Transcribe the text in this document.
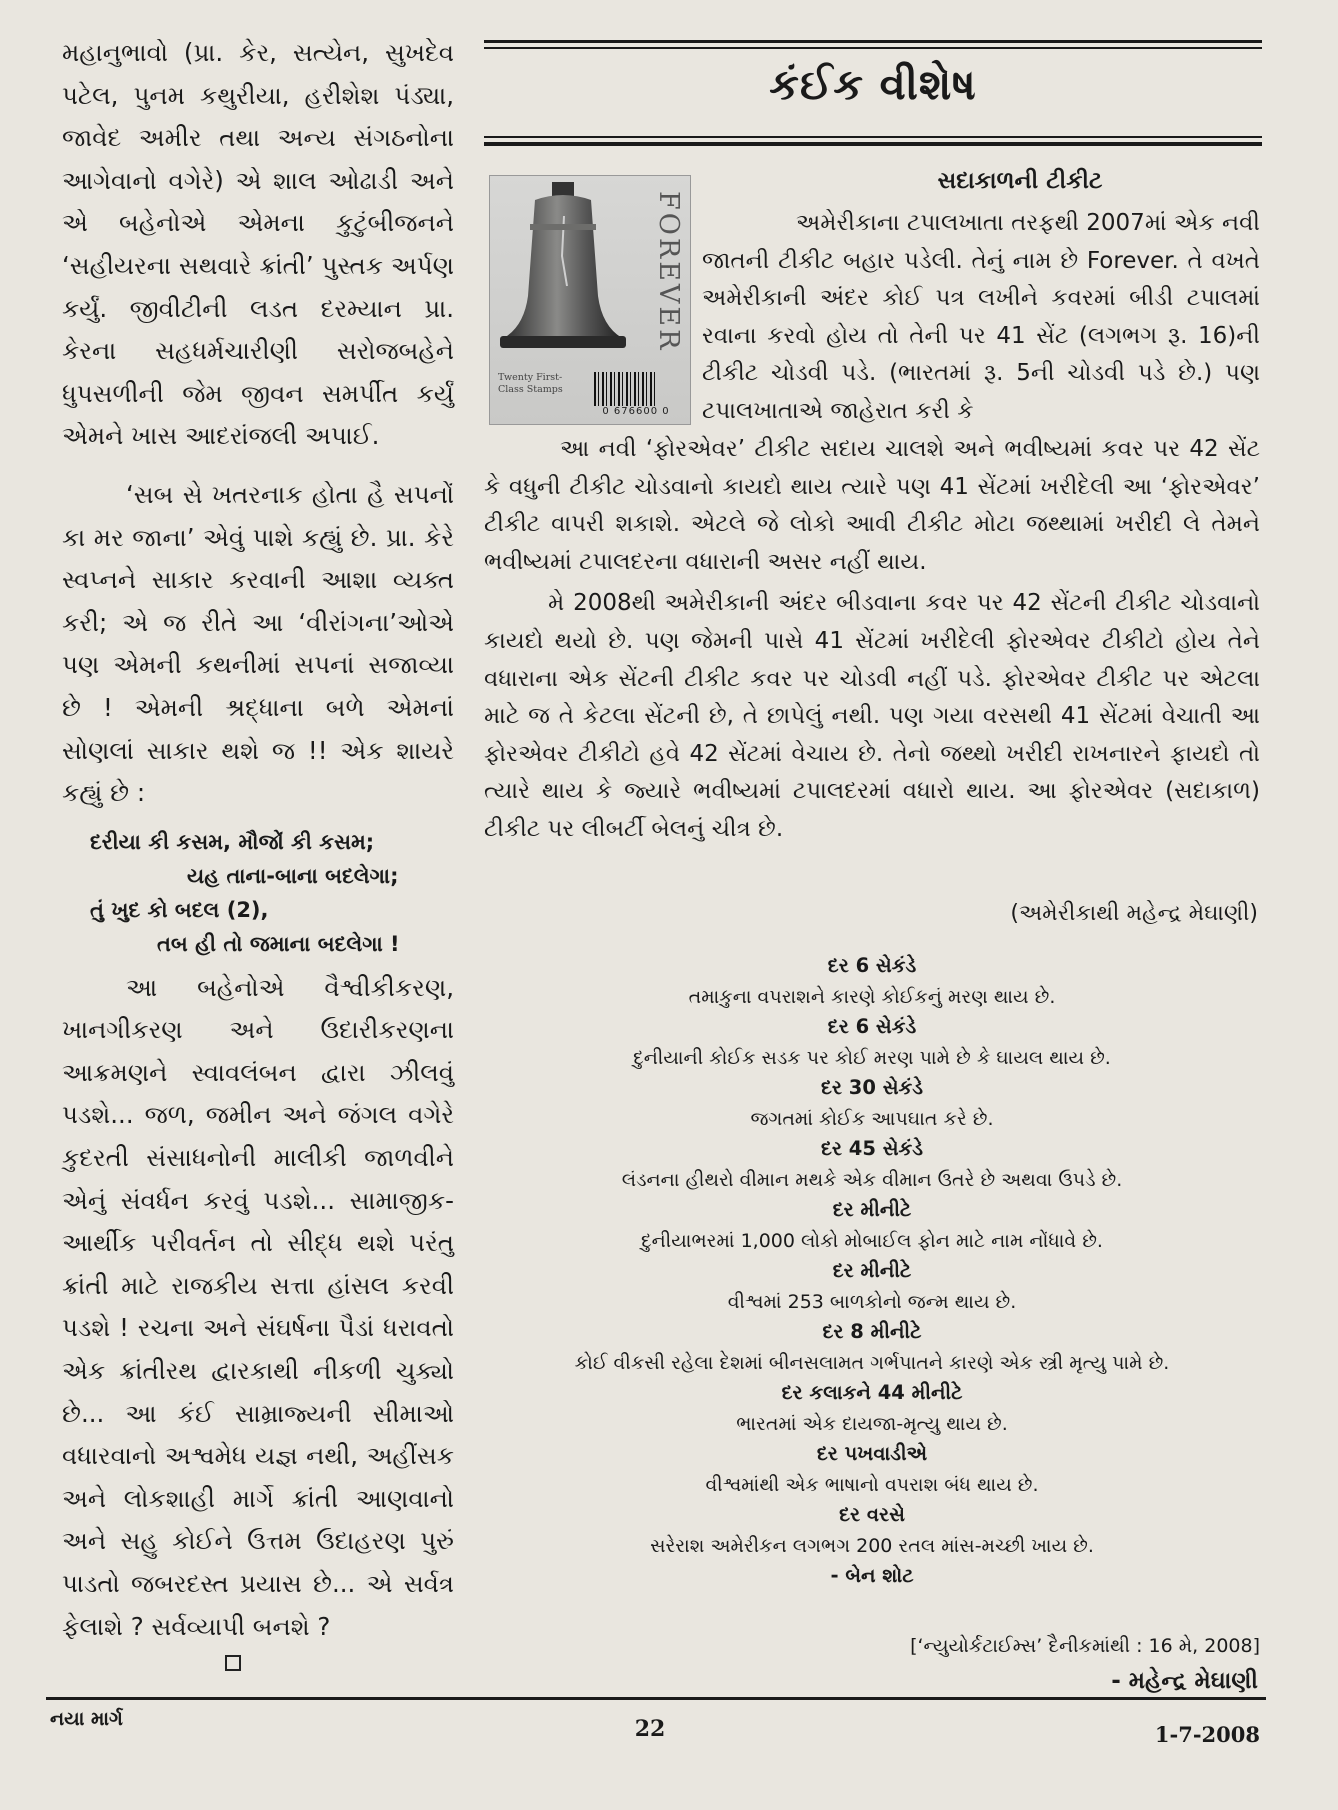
મહાનુભાવો (પ્રા. કેર, સત્યેન, સુખદેવ પટેલ, પુનમ કથુરીયા, હરીશેશ પંડ્યા, જાવેદ અમીર તથા અન્ય સંગઠનોના આગેવાનો વગેરે) એ શાલ ઓઢાડી અને એ બહેનોએ એમના કુટુંબીજનને ‘સહીયરના સથવારે ક્રાંતી’ પુસ્તક અર્પણ કર્યું. જીવીટીની લડત દરમ્યાન પ્રા. કેરના સહધર્મચારીણી સરોજબહેને ધુપસળીની જેમ જીવન સમર્પીત કર્યું એમને ખાસ આદરાંજલી અપાઈ.

‘સબ સે ખતરનાક હોતા હૈ સપનોં કા મર જાના’ એવું પાશે કહ્યું છે. પ્રા. કેરે સ્વપ્નને સાકાર કરવાની આશા વ્યક્ત કરી; એ જ રીતે આ ‘વીરાંગના’ઓએ પણ એમની કથનીમાં સપનાં સજાવ્યા છે ! એમની શ્રદ્ધાના બળે એમનાં સોણલાં સાકાર થશે જ !! એક શાયરે કહ્યું છે :

દરીયા કી કસમ, મૌજોં કી કસમ;
યહ તાના-બાના બદલેગા;
તું ખુદ કો બદલ (2),
તબ હી તો જમાના બદલેગા !

આ બહેનોએ વૈશ્વીકીકરણ, ખાનગીકરણ અને ઉદારીકરણના આક્રમણને સ્વાવલંબન દ્વારા ઝીલવું પડશે... જળ, જમીન અને જંગલ વગેરે કુદરતી સંસાધનોની માલીકી જાળવીને એનું સંવર્ધન કરવું પડશે... સામાજીક-આર્થીક પરીવર્તન તો સીદ્ધ થશે પરંતુ ક્રાંતી માટે રાજકીય સત્તા હાંસલ કરવી પડશે ! રચના અને સંઘર્ષના પૈડાં ધરાવતો એક ક્રાંતીરથ દ્વારકાથી નીકળી ચુક્યો છે... આ કંઈ સામ્રાજ્યની સીમાઓ વધારવાનો અશ્વમેધ યજ્ઞ નથી, અહીંસક અને લોકશાહી માર્ગે ક્રાંતી આણવાનો અને સહુ કોઈને ઉત્તમ ઉદાહરણ પુરું પાડતો જબરદસ્ત પ્રયાસ છે... એ સર્વત્ર ફેલાશે ? સર્વવ્યાપી બનશે ?

કંઈક વીશેષ
સદાકાળની ટીકીટ
FOREVER
Twenty First-Class Stamps
0 676600 0

અમેરીકાના ટપાલખાતા તરફથી 2007માં એક નવી જાતની ટીકીટ બહાર પડેલી. તેનું નામ છે Forever. તે વખતે અમેરીકાની અંદર કોઈ પત્ર લખીને કવરમાં બીડી ટપાલમાં રવાના કરવો હોય તો તેની પર 41 સેંટ (લગભગ રૂ. 16)ની ટીકીટ ચોડવી પડે. (ભારતમાં રૂ. 5ની ચોડવી પડે છે.) પણ ટપાલખાતાએ જાહેરાત કરી કે

આ નવી ‘ફોરએવર’ ટીકીટ સદાય ચાલશે અને ભવીષ્યમાં કવર પર 42 સેંટ કે વધુની ટીકીટ ચોડવાનો કાયદો થાય ત્યારે પણ 41 સેંટમાં ખરીદેલી આ ‘ફોરએવર’ ટીકીટ વાપરી શકાશે. એટલે જે લોકો આવી ટીકીટ મોટા જથ્થામાં ખરીદી લે તેમને ભવીષ્યમાં ટપાલદરના વધારાની અસર નહીં થાય.

મે 2008થી અમેરીકાની અંદર બીડવાના કવર પર 42 સેંટની ટીકીટ ચોડવાનો કાયદો થયો છે. પણ જેમની પાસે 41 સેંટમાં ખરીદેલી ફોરએવર ટીકીટો હોય તેને વધારાના એક સેંટની ટીકીટ કવર પર ચોડવી નહીં પડે. ફોરએવર ટીકીટ પર એટલા માટે જ તે કેટલા સેંટની છે, તે છાપેલું નથી. પણ ગયા વરસથી 41 સેંટમાં વેચાતી આ ફોરએવર ટીકીટો હવે 42 સેંટમાં વેચાય છે. તેનો જથ્થો ખરીદી રાખનારને ફાયદો તો ત્યારે થાય કે જ્યારે ભવીષ્યમાં ટપાલદરમાં વધારો થાય. આ ફોરએવર (સદાકાળ) ટીકીટ પર લીબર્ટી બેલનું ચીત્ર છે.

(અમેરીકાથી મહેન્દ્ર મેઘાણી)
દર 6 સેકંડે
તમાકુના વપરાશને કારણે કોઈકનું મરણ થાય છે.
દર 6 સેકંડે
દુનીયાની કોઈક સડક પર કોઈ મરણ પામે છે કે ઘાયલ થાય છે.
દર 30 સેકંડે
જગતમાં કોઈક આપઘાત કરે છે.
દર 45 સેકંડે
લંડનના હીથરો વીમાન મથકે એક વીમાન ઉતરે છે અથવા ઉપડે છે.
દર મીનીટે
દુનીયાભરમાં 1,000 લોકો મોબાઈલ ફોન માટે નામ નોંધાવે છે.
દર મીનીટે
વીશ્વમાં 253 બાળકોનો જન્મ થાય છે.
દર 8 મીનીટે
કોઈ વીકસી રહેલા દેશમાં બીનસલામત ગર્ભપાતને કારણે એક સ્ત્રી મૃત્યુ પામે છે.
દર કલાકને 44 મીનીટે
ભારતમાં એક દાયજા-મૃત્યુ થાય છે.
દર પખવાડીએ
વીશ્વમાંથી એક ભાષાનો વપરાશ બંધ થાય છે.
દર વરસે
સરેરાશ અમેરીકન લગભગ 200 રતલ માંસ-મચ્છી ખાય છે.
- બેન શોટ
[‘ન્યુયોર્કટાઈમ્સ’ દૈનીકમાંથી : 16 મે, 2008]
- મહેન્દ્ર મેઘાણી
નયા માર્ગ	22	1-7-2008
